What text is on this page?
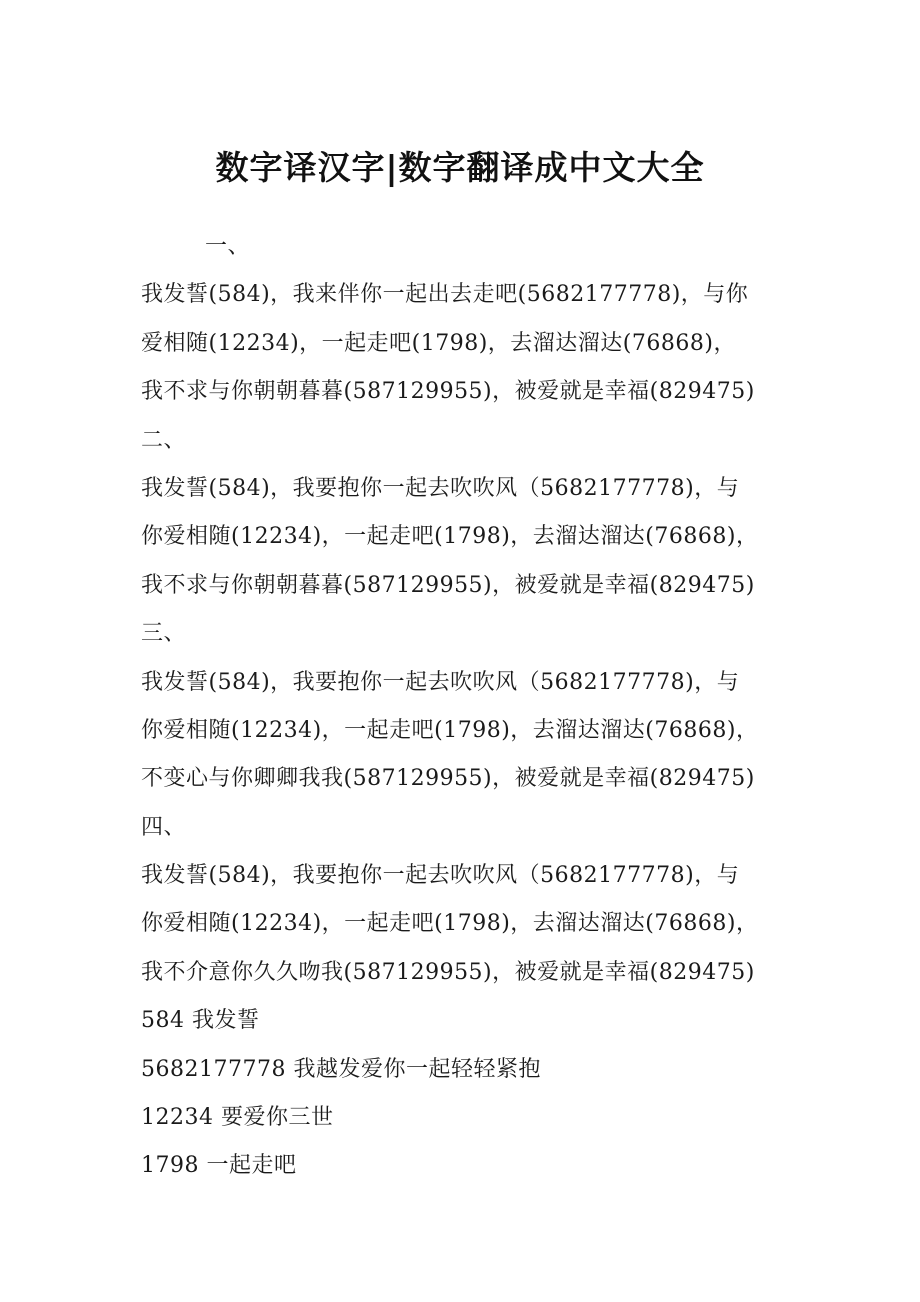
数字译汉字|数字翻译成中文大全
一、
我发誓(584)，我来伴你一起出去走吧(5682177778)，与你
爱相随(12234)，一起走吧(1798)，去溜达溜达(76868)，
我不求与你朝朝暮暮(587129955)，被爱就是幸福(829475)
二、
我发誓(584)，我要抱你一起去吹吹风（5682177778)，与
你爱相随(12234)，一起走吧(1798)，去溜达溜达(76868)，
我不求与你朝朝暮暮(587129955)，被爱就是幸福(829475)
三、
我发誓(584)，我要抱你一起去吹吹风（5682177778)，与
你爱相随(12234)，一起走吧(1798)，去溜达溜达(76868)，
不变心与你卿卿我我(587129955)，被爱就是幸福(829475)
四、
我发誓(584)，我要抱你一起去吹吹风（5682177778)，与
你爱相随(12234)，一起走吧(1798)，去溜达溜达(76868)，
我不介意你久久吻我(587129955)，被爱就是幸福(829475)
584 我发誓
5682177778 我越发爱你一起轻轻紧抱
12234 要爱你三世
1798 一起走吧
